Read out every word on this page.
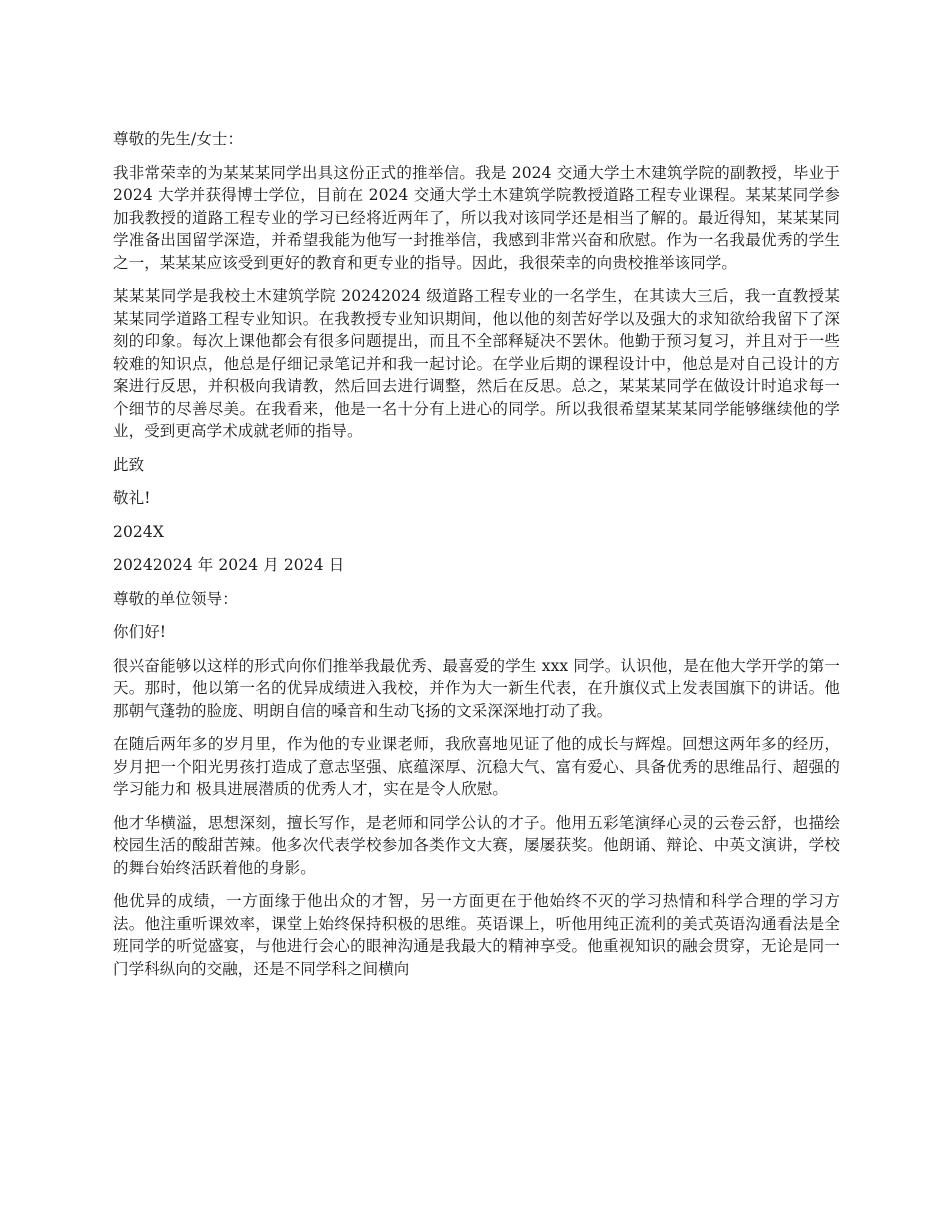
尊敬的先生/女士：

我非常荣幸的为某某某同学出具这份正式的推举信。我是 2024 交通大学土木建筑学院的副教授，毕业于 2024 大学并获得博士学位，目前在 2024 交通大学土木建筑学院教授道路工程专业课程。某某某同学参加我教授的道路工程专业的学习已经将近两年了，所以我对该同学还是相当了解的。最近得知，某某某同学准备出国留学深造，并希望我能为他写一封推举信，我感到非常兴奋和欣慰。作为一名我最优秀的学生之一，某某某应该受到更好的教育和更专业的指导。因此，我很荣幸的向贵校推举该同学。

某某某同学是我校土木建筑学院 20242024 级道路工程专业的一名学生，在其读大三后，我一直教授某某某同学道路工程专业知识。在我教授专业知识期间，他以他的刻苦好学以及强大的求知欲给我留下了深刻的印象。每次上课他都会有很多问题提出，而且不全部释疑决不罢休。他勤于预习复习，并且对于一些较难的知识点，他总是仔细记录笔记并和我一起讨论。在学业后期的课程设计中，他总是对自己设计的方案进行反思，并积极向我请教，然后回去进行调整，然后在反思。总之，某某某同学在做设计时追求每一个细节的尽善尽美。在我看来，他是一名十分有上进心的同学。所以我很希望某某某同学能够继续他的学业，受到更高学术成就老师的指导。

此致

敬礼!

2024X

20242024 年 2024 月 2024 日

尊敬的单位领导：

你们好!

很兴奋能够以这样的形式向你们推举我最优秀、最喜爱的学生 xxx 同学。认识他，是在他大学开学的第一天。那时，他以第一名的优异成绩进入我校，并作为大一新生代表，在升旗仪式上发表国旗下的讲话。他那朝气蓬勃的脸庞、明朗自信的嗓音和生动飞扬的文采深深地打动了我。

在随后两年多的岁月里，作为他的专业课老师，我欣喜地见证了他的成长与辉煌。回想这两年多的经历，岁月把一个阳光男孩打造成了意志坚强、底蕴深厚、沉稳大气、富有爱心、具备优秀的思维品行、超强的学习能力和 极具进展潜质的优秀人才，实在是令人欣慰。

他才华横溢，思想深刻，擅长写作，是老师和同学公认的才子。他用五彩笔演绎心灵的云卷云舒，也描绘校园生活的酸甜苦辣。他多次代表学校参加各类作文大赛，屡屡获奖。他朗诵、辩论、中英文演讲，学校的舞台始终活跃着他的身影。

他优异的成绩，一方面缘于他出众的才智，另一方面更在于他始终不灭的学习热情和科学合理的学习方法。他注重听课效率，课堂上始终保持积极的思维。英语课上，听他用纯正流利的美式英语沟通看法是全班同学的听觉盛宴，与他进行会心的眼神沟通是我最大的精神享受。他重视知识的融会贯穿，无论是同一门学科纵向的交融，还是不同学科之间横向
